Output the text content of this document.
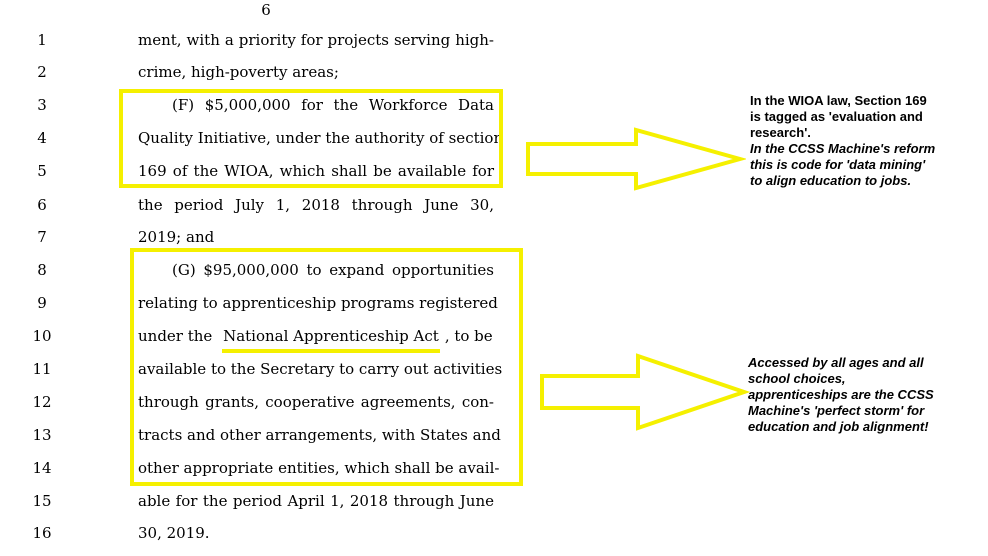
6
1
2
3
4
5
6
7
8
9
10
11
12
13
14
15
16
ment, with a priority for projects serving high-
crime, high-poverty areas;
(F) $5,000,000 for the Workforce Data
Quality Initiative, under the authority of section
169 of the WIOA, which shall be available for
the period July 1, 2018 through June 30,
2019; and
(G) $95,000,000 to expand opportunities
relating to apprenticeship programs registered
under the National Apprenticeship Act , to be
available to the Secretary to carry out activities
through grants, cooperative agreements, con-
tracts and other arrangements, with States and
other appropriate entities, which shall be avail-
able for the period April 1, 2018 through June
30, 2019.
In the WIOA law, Section 169
is tagged as 'evaluation and
research'.
In the CCSS Machine's reform
this is code for 'data mining'
to align education to jobs.
Accessed by all ages and all
school choices,
apprenticeships are the CCSS
Machine's 'perfect storm' for
education and job alignment!
